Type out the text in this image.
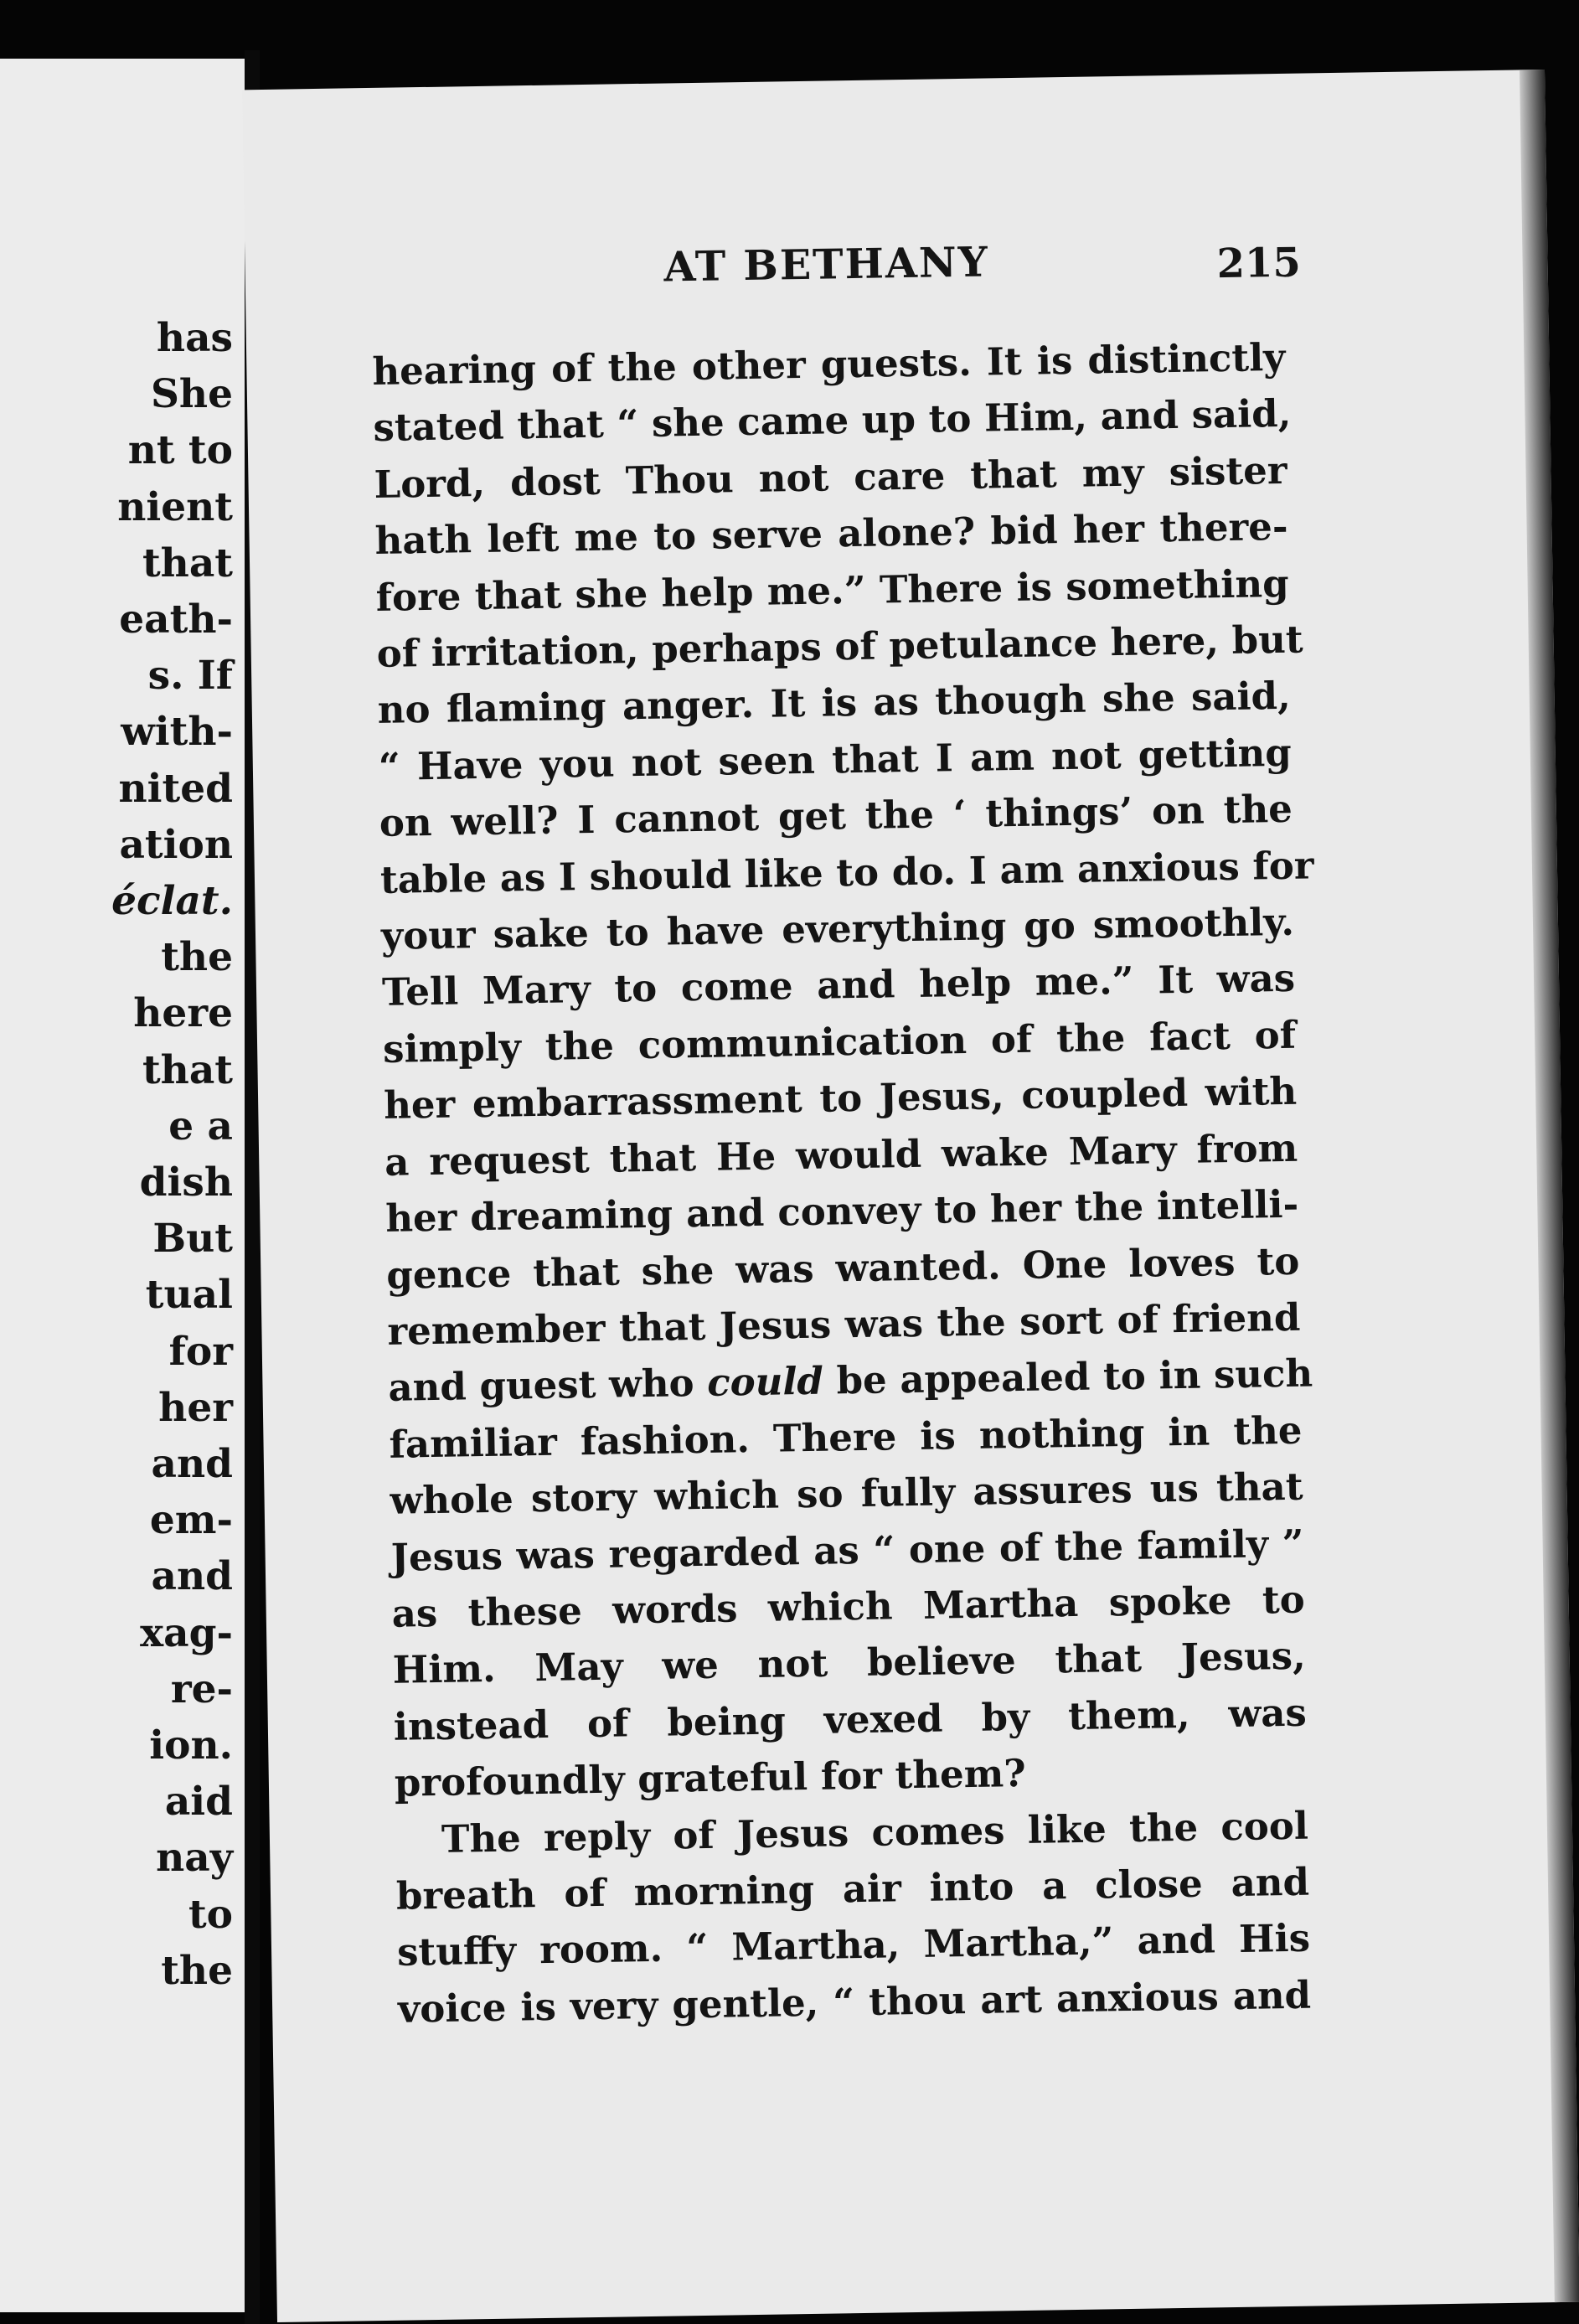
has
She
nt to
nient
that
eath-
s. If
with-
nited
ation
éclat.
the
here
that
e a
dish
But
tual
for
her
and
em-
and
xag-
re-
ion.
aid
nay
to
the
AT BETHANY	215

hearing of the other guests. It is distinctly
stated that “ she came up to Him, and said,
Lord, dost Thou not care that my sister
hath left me to serve alone? bid her there-
fore that she help me.” There is something
of irritation, perhaps of petulance here, but
no flaming anger. It is as though she said,
“ Have you not seen that I am not getting
on well? I cannot get the ‘ things’ on the
table as I should like to do. I am anxious for
your sake to have everything go smoothly.
Tell Mary to come and help me.” It was
simply the communication of the fact of
her embarrassment to Jesus, coupled with
a request that He would wake Mary from
her dreaming and convey to her the intelli-
gence that she was wanted. One loves to
remember that Jesus was the sort of friend
and guest who could be appealed to in such
familiar fashion. There is nothing in the
whole story which so fully assures us that
Jesus was regarded as “ one of the family ”
as these words which Martha spoke to
Him. May we not believe that Jesus,
instead of being vexed by them, was
profoundly grateful for them?

The reply of Jesus comes like the cool
breath of morning air into a close and
stuffy room. “ Martha, Martha,” and His
voice is very gentle, “ thou art anxious and
